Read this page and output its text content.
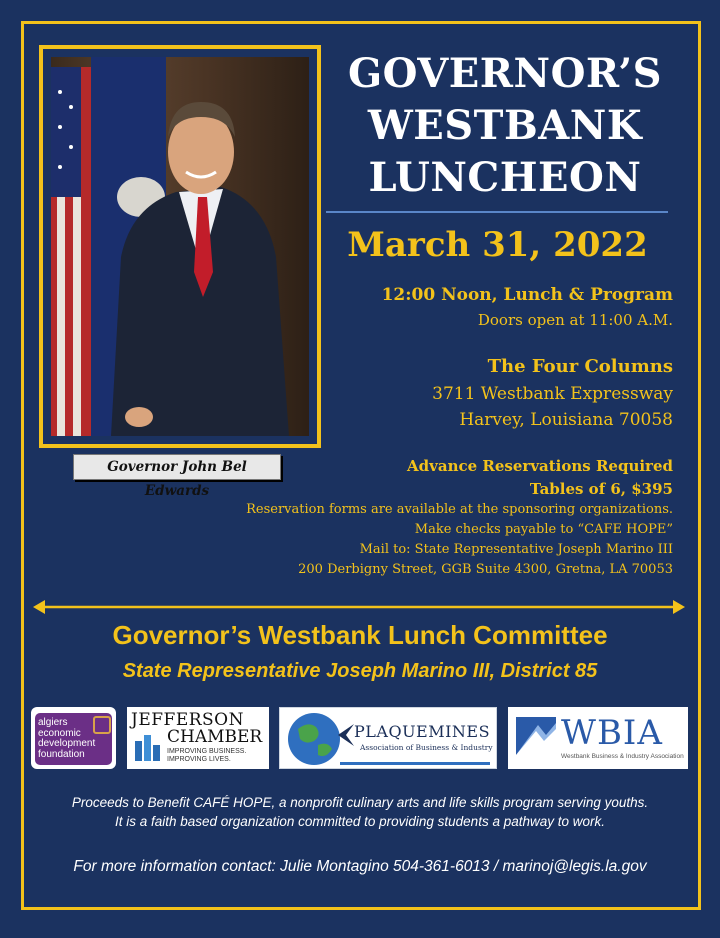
Governor John Bel Edwards
GOVERNOR’S
WESTBANK
LUNCHEON
March 31, 2022
12:00 Noon, Lunch & Program
Doors open at 11:00 A.M.
The Four Columns
3711 Westbank Expressway
Harvey, Louisiana 70058
Advance Reservations Required
Tables of 6, $395
Reservation forms are available at the sponsoring organizations.
Make checks payable to “CAFE HOPE”
Mail to: State Representative Joseph Marino III
200 Derbigny Street, GGB Suite 4300, Gretna, LA 70053
Governor’s Westbank Lunch Committee
State Representative Joseph Marino III, District 85
algiers
economic
development
foundation
JEFFERSON
CHAMBER
IMPROVING BUSINESS.
IMPROVING LIVES.
PLAQUEMINES
Association of Business & Industry WBIA
Westbank Business & Industry Association
Proceeds to Benefit CAFÉ HOPE, a nonprofit culinary arts and life skills program serving youths.
It is a faith based organization committed to providing students a pathway to work.
For more information contact: Julie Montagino 504-361-6013 / marinoj@legis.la.gov
